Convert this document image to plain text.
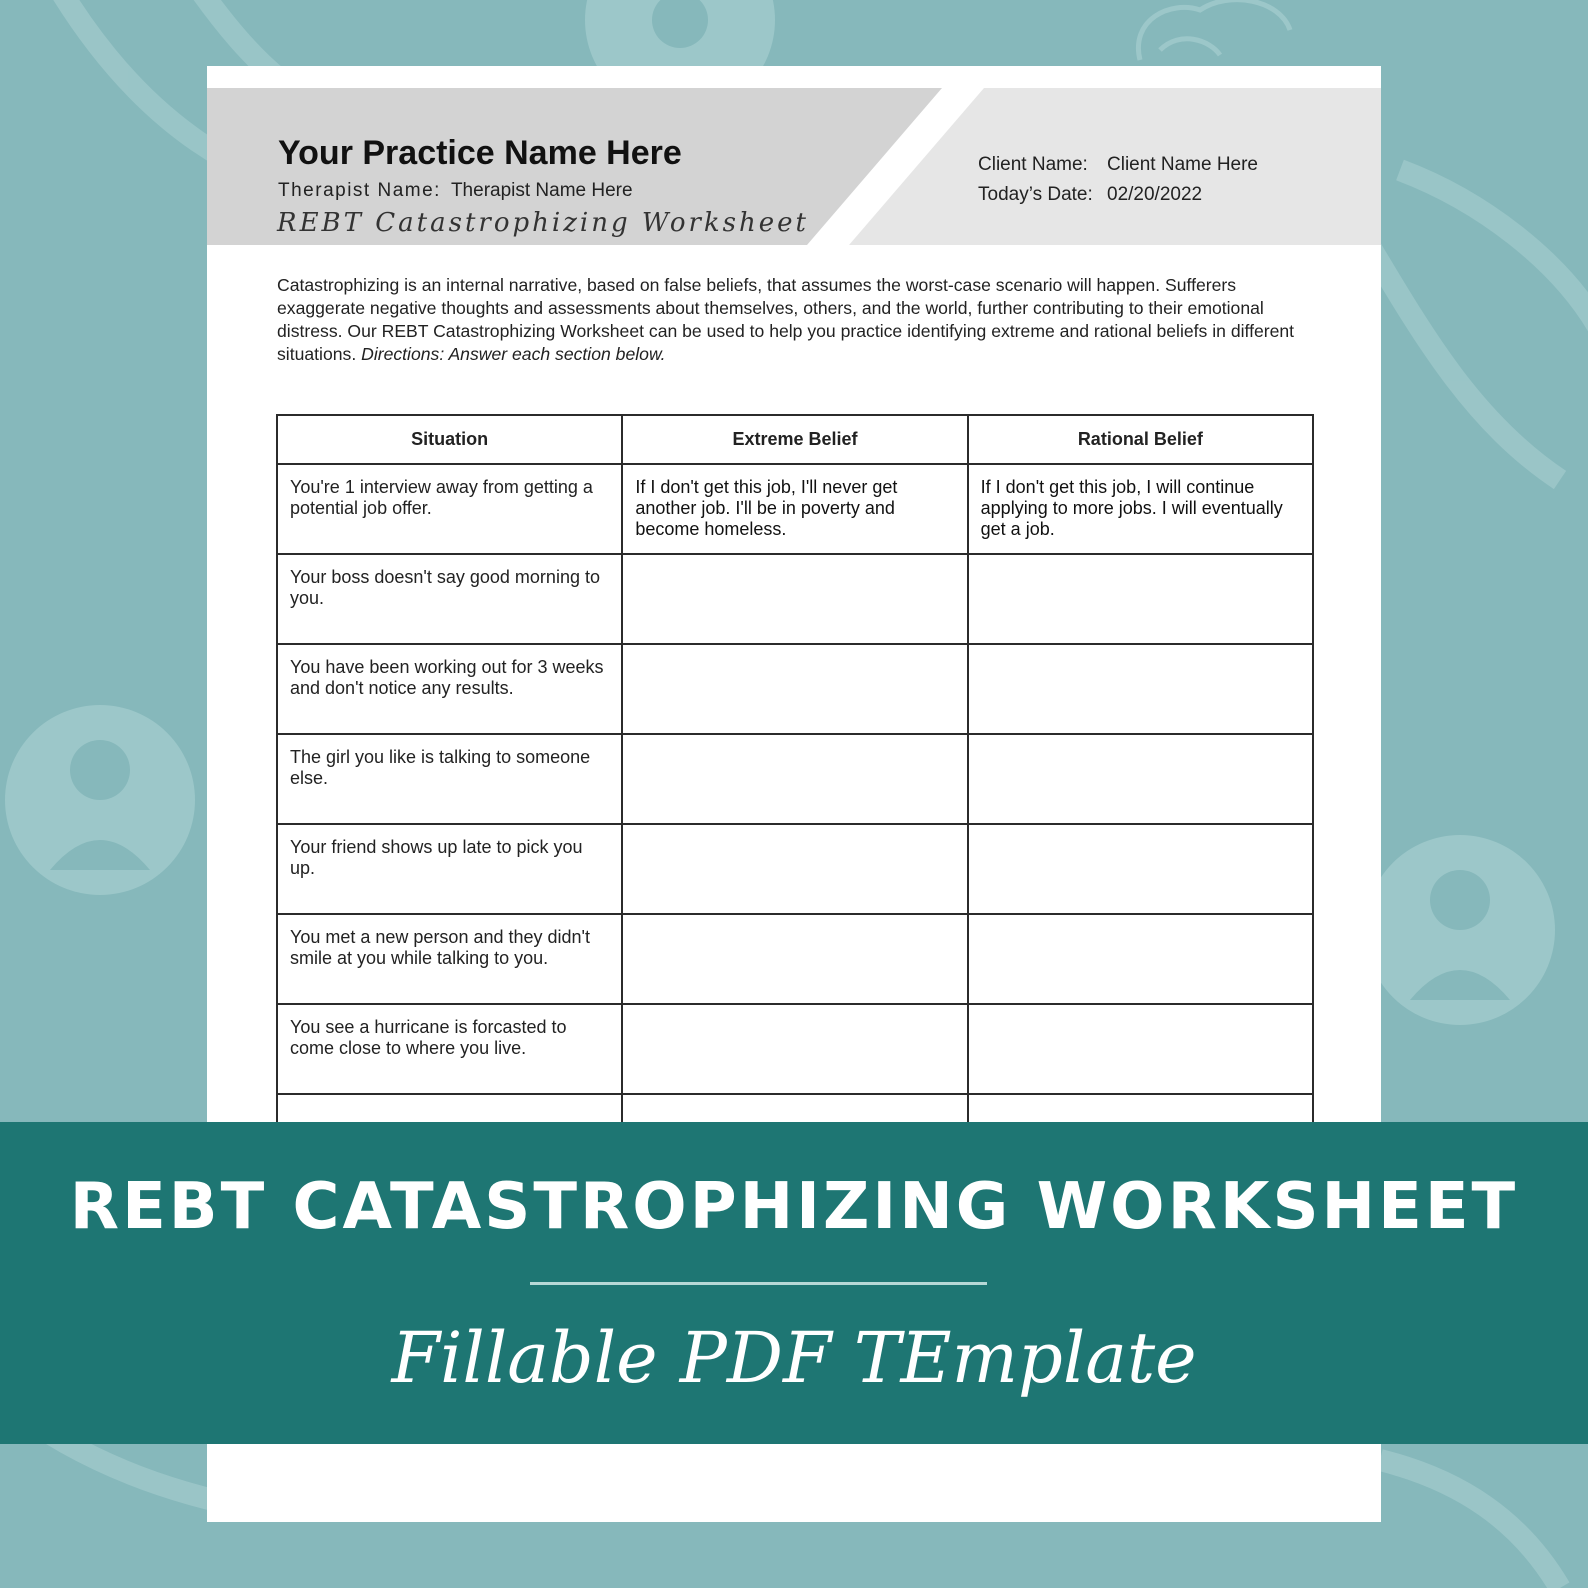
Your Practice Name Here
Therapist Name: Therapist Name Here
REBT Catastrophizing Worksheet
Client Name: Client Name Here
Today’s Date: 02/20/2022
Catastrophizing is an internal narrative, based on false beliefs, that assumes the worst-case scenario will happen. Sufferers exaggerate negative thoughts and assessments about themselves, others, and the world, further contributing to their emotional distress. Our REBT Catastrophizing Worksheet can be used to help you practice identifying extreme and rational beliefs in different situations. Directions: Answer each section below.
Situation	Extreme Belief	Rational Belief
You're 1 interview away from getting a potential job offer.	If I don't get this job, I'll never get another job. I'll be in poverty and become homeless.	If I don't get this job, I will continue applying to more jobs. I will eventually get a job.
Your boss doesn't say good morning to you.		
You have been working out for 3 weeks and don't notice any results.		
The girl you like is talking to someone else.		
Your friend shows up late to pick you up.		
You met a new person and they didn't smile at you while talking to you.		
You see a hurricane is forcasted to come close to where you live.		

REBT CATASTROPHIZING WORKSHEET
Fillable PDF TEmplate
